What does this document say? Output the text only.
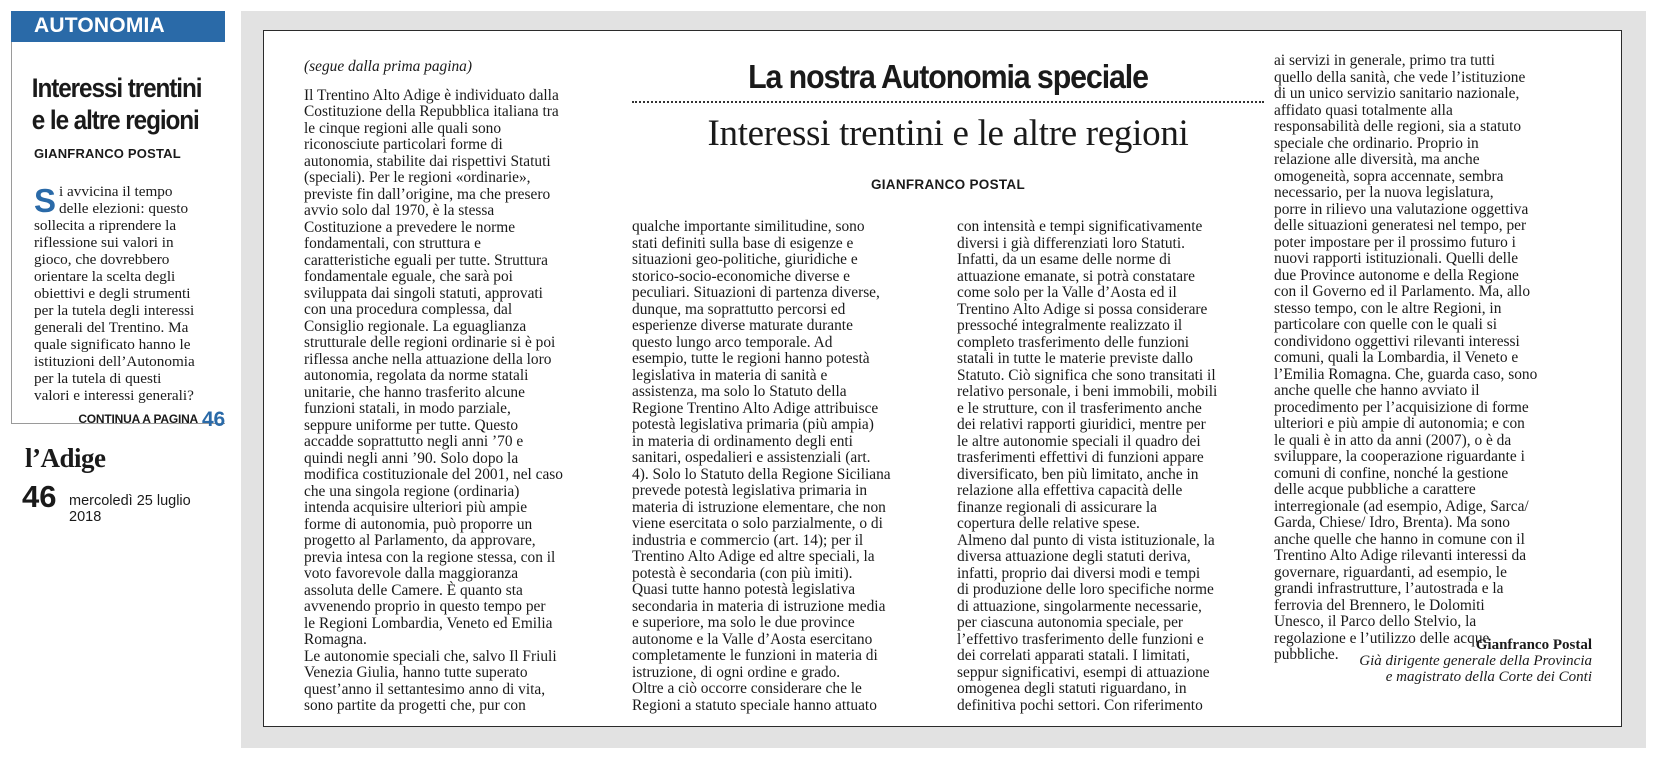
AUTONOMIA
Interessi trentini
e le altre regioni
GIANFRANCO POSTAL

S i avvicina il tempo
delle elezioni: questo
sollecita a riprendere la
riflessione sui valori in
gioco, che dovrebbero
orientare la scelta degli
obiettivi e degli strumenti
per la tutela degli interessi
generali del Trentino. Ma
quale significato hanno le
istituzioni dell’Autonomia
per la tutela di questi
valori e interessi generali?

CONTINUA A PAGINA 46
l’Adige
46 mercoledì 25 luglio 2018
(segue dalla prima pagina)
Il Trentino Alto Adige è individuato dalla
Costituzione della Repubblica italiana tra
le cinque regioni alle quali sono
riconosciute particolari forme di
autonomia, stabilite dai rispettivi Statuti
(speciali). Per le regioni «ordinarie»,
previste fin dall’origine, ma che presero
avvio solo dal 1970, è la stessa
Costituzione a prevedere le norme
fondamentali, con struttura e
caratteristiche eguali per tutte. Struttura
fondamentale eguale, che sarà poi
sviluppata dai singoli statuti, approvati
con una procedura complessa, dal
Consiglio regionale. La eguaglianza
strutturale delle regioni ordinarie si è poi
riflessa anche nella attuazione della loro
autonomia, regolata da norme statali
unitarie, che hanno trasferito alcune
funzioni statali, in modo parziale,
seppure uniforme per tutte. Questo
accadde soprattutto negli anni ’70 e
quindi negli anni ’90. Solo dopo la
modifica costituzionale del 2001, nel caso
che una singola regione (ordinaria)
intenda acquisire ulteriori più ampie
forme di autonomia, può proporre un
progetto al Parlamento, da approvare,
previa intesa con la regione stessa, con il
voto favorevole dalla maggioranza
assoluta delle Camere. È quanto sta
avvenendo proprio in questo tempo per
le Regioni Lombardia, Veneto ed Emilia
Romagna.
Le autonomie speciali che, salvo Il Friuli
Venezia Giulia, hanno tutte superato
quest’anno il settantesimo anno di vita,
sono partite da progetti che, pur con
La nostra Autonomia speciale
Interessi trentini e le altre regioni
GIANFRANCO POSTAL
qualche importante similitudine, sono
stati definiti sulla base di esigenze e
situazioni geo-politiche, giuridiche e
storico-socio-economiche diverse e
peculiari. Situazioni di partenza diverse,
dunque, ma soprattutto percorsi ed
esperienze diverse maturate durante
questo lungo arco temporale. Ad
esempio, tutte le regioni hanno potestà
legislativa in materia di sanità e
assistenza, ma solo lo Statuto della
Regione Trentino Alto Adige attribuisce
potestà legislativa primaria (più ampia)
in materia di ordinamento degli enti
sanitari, ospedalieri e assistenziali (art.
4). Solo lo Statuto della Regione Siciliana
prevede potestà legislativa primaria in
materia di istruzione elementare, che non
viene esercitata o solo parzialmente, o di
industria e commercio (art. 14); per il
Trentino Alto Adige ed altre speciali, la
potestà è secondaria (con più imiti).
Quasi tutte hanno potestà legislativa
secondaria in materia di istruzione media
e superiore, ma solo le due province
autonome e la Valle d’Aosta esercitano
completamente le funzioni in materia di
istruzione, di ogni ordine e grado.
Oltre a ciò occorre considerare che le
Regioni a statuto speciale hanno attuato
con intensità e tempi significativamente
diversi i già differenziati loro Statuti.
Infatti, da un esame delle norme di
attuazione emanate, si potrà constatare
come solo per la Valle d’Aosta ed il
Trentino Alto Adige si possa considerare
pressoché integralmente realizzato il
completo trasferimento delle funzioni
statali in tutte le materie previste dallo
Statuto. Ciò significa che sono transitati il
relativo personale, i beni immobili, mobili
e le strutture, con il trasferimento anche
dei relativi rapporti giuridici, mentre per
le altre autonomie speciali il quadro dei
trasferimenti effettivi di funzioni appare
diversificato, ben più limitato, anche in
relazione alla effettiva capacità delle
finanze regionali di assicurare la
copertura delle relative spese.
Almeno dal punto di vista istituzionale, la
diversa attuazione degli statuti deriva,
infatti, proprio dai diversi modi e tempi
di produzione delle loro specifiche norme
di attuazione, singolarmente necessarie,
per ciascuna autonomia speciale, per
l’effettivo trasferimento delle funzioni e
dei correlati apparati statali. I limitati,
seppur significativi, esempi di attuazione
omogenea degli statuti riguardano, in
definitiva pochi settori. Con riferimento
ai servizi in generale, primo tra tutti
quello della sanità, che vede l’istituzione
di un unico servizio sanitario nazionale,
affidato quasi totalmente alla
responsabilità delle regioni, sia a statuto
speciale che ordinario. Proprio in
relazione alle diversità, ma anche
omogeneità, sopra accennate, sembra
necessario, per la nuova legislatura,
porre in rilievo una valutazione oggettiva
delle situazioni generatesi nel tempo, per
poter impostare per il prossimo futuro i
nuovi rapporti istituzionali. Quelli delle
due Province autonome e della Regione
con il Governo ed il Parlamento. Ma, allo
stesso tempo, con le altre Regioni, in
particolare con quelle con le quali si
condividono oggettivi rilevanti interessi
comuni, quali la Lombardia, il Veneto e
l’Emilia Romagna. Che, guarda caso, sono
anche quelle che hanno avviato il
procedimento per l’acquisizione di forme
ulteriori e più ampie di autonomia; e con
le quali è in atto da anni (2007), o è da
sviluppare, la cooperazione riguardante i
comuni di confine, nonché la gestione
delle acque pubbliche a carattere
interregionale (ad esempio, Adige, Sarca/
Garda, Chiese/ Idro, Brenta). Ma sono
anche quelle che hanno in comune con il
Trentino Alto Adige rilevanti interessi da
governare, riguardanti, ad esempio, le
grandi infrastrutture, l’autostrada e la
ferrovia del Brennero, le Dolomiti
Unesco, il Parco dello Stelvio, la
regolazione e l’utilizzo delle acque
pubbliche.
Gianfranco Postal
Già dirigente generale della Provincia
e magistrato della Corte dei Conti
